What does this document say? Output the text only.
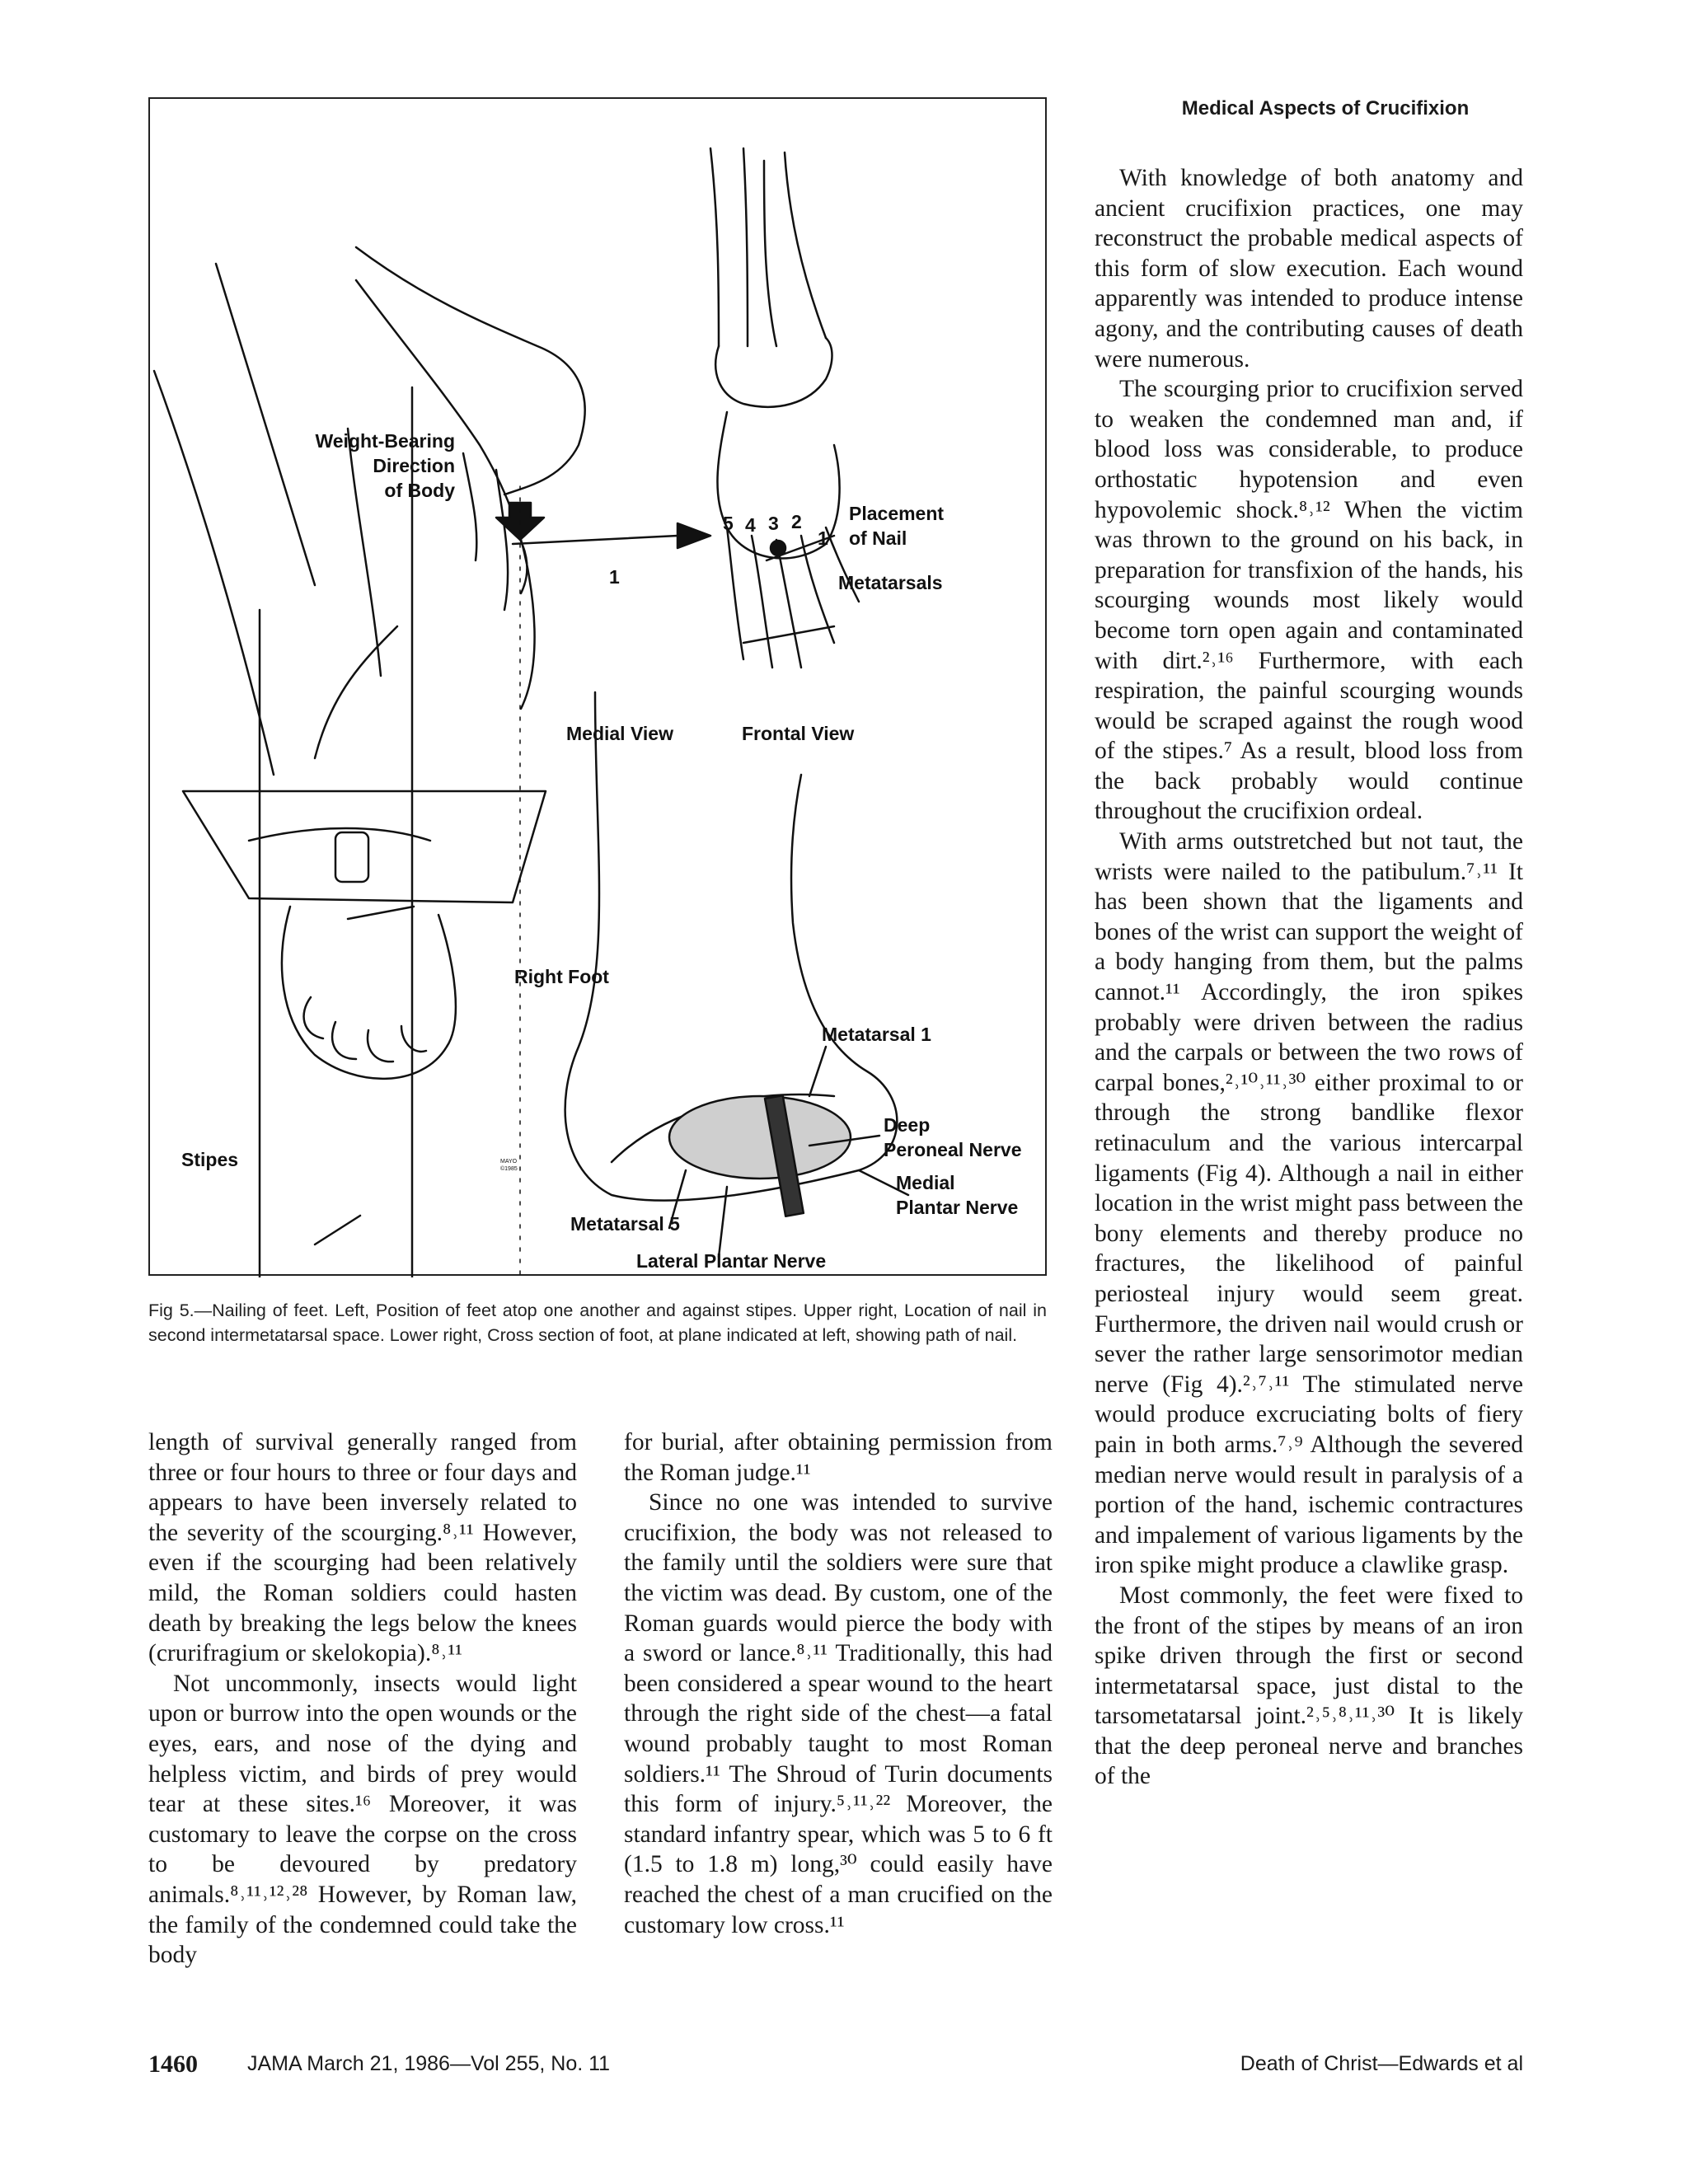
Medical Aspects of Crucifixion
Weight-Bearing
Direction
of Body
Placement
of Nail
Metatarsals
5 4 3 2
1
1
Medial View	Frontal View
Right Foot
Metatarsal 1
Deep
Peroneal Nerve
Medial
Plantar Nerve
Stipes
Metatarsal 5
Lateral Plantar Nerve
MAYO ©1985
Fig 5.—Nailing of feet. Left, Position of feet atop one another and against stipes. Upper right, Location of nail in second intermetatarsal space. Lower right, Cross section of foot, at plane indicated at left, showing path of nail.

length of survival generally ranged from three or four hours to three or four days and appears to have been inversely related to the severity of the scourging.⁸˒¹¹ However, even if the scourging had been relatively mild, the Roman soldiers could hasten death by breaking the legs below the knees (crurifragium or skelokopia).⁸˒¹¹

Not uncommonly, insects would light upon or burrow into the open wounds or the eyes, ears, and nose of the dying and helpless victim, and birds of prey would tear at these sites.¹⁶ Moreover, it was customary to leave the corpse on the cross to be devoured by predatory animals.⁸˒¹¹˒¹²˒²⁸ However, by Roman law, the family of the condemned could take the body

for burial, after obtaining permission from the Roman judge.¹¹

Since no one was intended to survive crucifixion, the body was not released to the family until the soldiers were sure that the victim was dead. By custom, one of the Roman guards would pierce the body with a sword or lance.⁸˒¹¹ Traditionally, this had been considered a spear wound to the heart through the right side of the chest—a fatal wound probably taught to most Roman soldiers.¹¹ The Shroud of Turin documents this form of injury.⁵˒¹¹˒²² Moreover, the standard infantry spear, which was 5 to 6 ft (1.5 to 1.8 m) long,³⁰ could easily have reached the chest of a man crucified on the customary low cross.¹¹

With knowledge of both anatomy and ancient crucifixion practices, one may reconstruct the probable medical aspects of this form of slow execution. Each wound apparently was intended to produce intense agony, and the contributing causes of death were numerous.

The scourging prior to crucifixion served to weaken the condemned man and, if blood loss was considerable, to produce orthostatic hypotension and even hypovolemic shock.⁸˒¹² When the victim was thrown to the ground on his back, in preparation for transfixion of the hands, his scourging wounds most likely would become torn open again and contaminated with dirt.²˒¹⁶ Furthermore, with each respiration, the painful scourging wounds would be scraped against the rough wood of the stipes.⁷ As a result, blood loss from the back probably would continue throughout the crucifixion ordeal.

With arms outstretched but not taut, the wrists were nailed to the patibulum.⁷˒¹¹ It has been shown that the ligaments and bones of the wrist can support the weight of a body hanging from them, but the palms cannot.¹¹ Accordingly, the iron spikes probably were driven between the radius and the carpals or between the two rows of carpal bones,²˒¹⁰˒¹¹˒³⁰ either proximal to or through the strong bandlike flexor retinaculum and the various intercarpal ligaments (Fig 4). Although a nail in either location in the wrist might pass between the bony elements and thereby produce no fractures, the likelihood of painful periosteal injury would seem great. Furthermore, the driven nail would crush or sever the rather large sensorimotor median nerve (Fig 4).²˒⁷˒¹¹ The stimulated nerve would produce excruciating bolts of fiery pain in both arms.⁷˒⁹ Although the severed median nerve would result in paralysis of a portion of the hand, ischemic contractures and impalement of various ligaments by the iron spike might produce a clawlike grasp.

Most commonly, the feet were fixed to the front of the stipes by means of an iron spike driven through the first or second intermetatarsal space, just distal to the tarsometatarsal joint.²˒⁵˒⁸˒¹¹˒³⁰ It is likely that the deep peroneal nerve and branches of the

1460 JAMA March 21, 1986—Vol 255, No. 11	Death of Christ—Edwards et al
